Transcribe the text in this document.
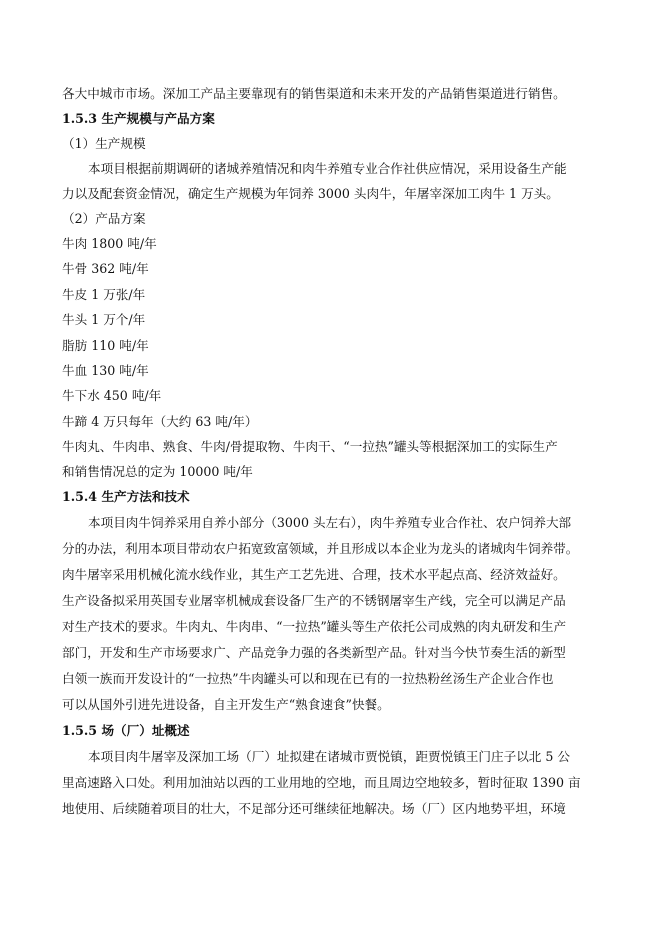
各大中城市市场。深加工产品主要靠现有的销售渠道和未来开发的产品销售渠道进行销售。
1.5.3 生产规模与产品方案
（1）生产规模
本项目根据前期调研的诸城养殖情况和肉牛养殖专业合作社供应情况，采用设备生产能
力以及配套资金情况，确定生产规模为年饲养 3000 头肉牛，年屠宰深加工肉牛 1 万头。
（2）产品方案
牛肉 1800 吨/年
牛骨 362 吨/年
牛皮 1 万张/年
牛头 1 万个/年
脂肪 110 吨/年
牛血 130 吨/年
牛下水 450 吨/年
牛蹄 4 万只每年（大约 63 吨/年）
牛肉丸、牛肉串、熟食、牛肉/骨提取物、牛肉干、“一拉热”罐头等根据深加工的实际生产
和销售情况总的定为 10000 吨/年
1.5.4 生产方法和技术
本项目肉牛饲养采用自养小部分（3000 头左右），肉牛养殖专业合作社、农户饲养大部
分的办法，利用本项目带动农户拓宽致富领域，并且形成以本企业为龙头的诸城肉牛饲养带。
肉牛屠宰采用机械化流水线作业，其生产工艺先进、合理，技术水平起点高、经济效益好。
生产设备拟采用英国专业屠宰机械成套设备厂生产的不锈钢屠宰生产线，完全可以满足产品
对生产技术的要求。牛肉丸、牛肉串、“一拉热”罐头等生产依托公司成熟的肉丸研发和生产
部门，开发和生产市场要求广、产品竞争力强的各类新型产品。针对当今快节奏生活的新型
白领一族而开发设计的“一拉热”牛肉罐头可以和现在已有的一拉热粉丝汤生产企业合作也
可以从国外引进先进设备，自主开发生产“熟食速食”快餐。
1.5.5 场（厂）址概述
本项目肉牛屠宰及深加工场（厂）址拟建在诸城市贾悦镇，距贾悦镇王门庄子以北 5 公
里高速路入口处。利用加油站以西的工业用地的空地，而且周边空地较多，暂时征取 1390 亩
地使用、后续随着项目的壮大，不足部分还可继续征地解决。场（厂）区内地势平坦，环境
